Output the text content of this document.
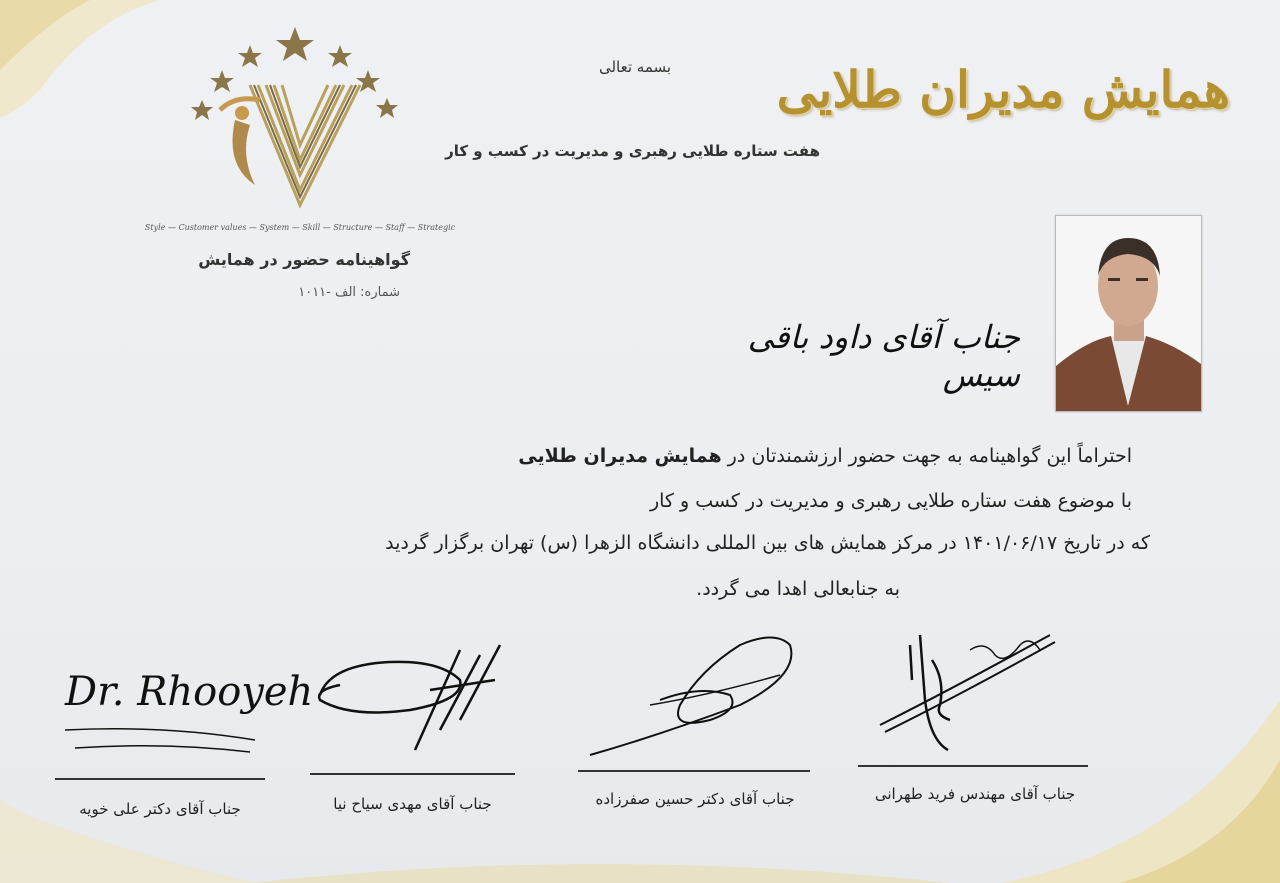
بسمه تعالی	همایش مدیران طلایی
هفت ستاره طلایی رهبری و مدیریت در کسب و کار
Style — Customer values — System — Skill — Structure — Staff — Strategic
گواهینامه حضور در همایش
شماره: الف -۱۰۱۱
جناب آقای داود باقی سیس
احتراماً این گواهینامه به جهت حضور ارزشمندتان در همایش مدیران طلایی
با موضوع هفت ستاره طلایی رهبری و مدیریت در کسب و کار
که در تاریخ ۱۴۰۱/۰۶/۱۷ در مرکز همایش های بین المللی دانشگاه الزهرا (س) تهران برگزار گردید
به جنابعالی اهدا می گردد.
Dr. Rhooyeh
جناب آقای مهندس فرید طهرانی
جناب آقای دکتر حسین صفرزاده
جناب آقای مهدی سیاح نیا
جناب آقای دکتر علی خویه
